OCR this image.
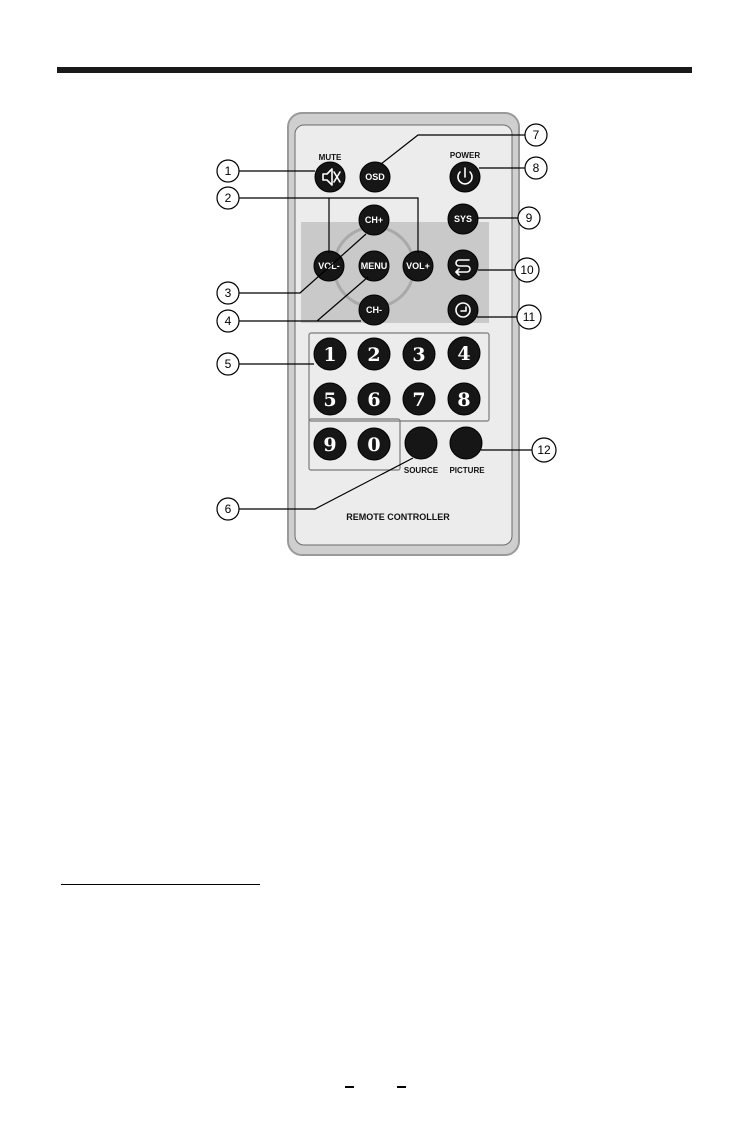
MUTE	POWER
OSD
CH+	SYS
VOL- MENU VOL+
CH-
1 2 3 4
5 6 7 8
9 0
SOURCE PICTURE
REMOTE CONTROLLER
1
2
3
4
5
6
7
8
9
10
11
12
